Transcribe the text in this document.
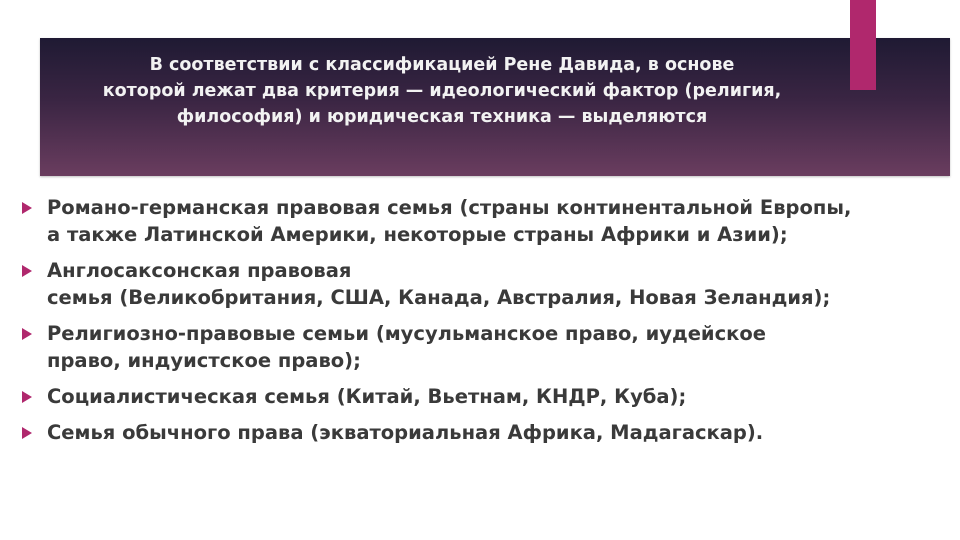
В соответствии с классификацией Рене Давида, в основе
которой лежат два критерия — идеологический фактор (религия,
философия) и юридическая техника — выделяются
Романо-германская правовая семья (страны континентальной Европы,
а также Латинской Америки, некоторые страны Африки и Азии);
Англосаксонская правовая
семья (Великобритания, США, Канада, Австралия, Новая Зеландия);
Религиозно-правовые семьи (мусульманское право, иудейское
право, индуистское право);
Социалистическая семья (Китай, Вьетнам, КНДР, Куба);
Семья обычного права (экваториальная Африка, Мадагаскар).
